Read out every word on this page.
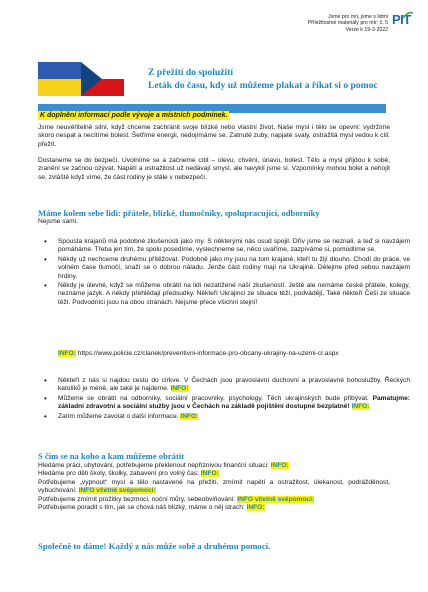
Jsme pro mír, jsme s lidmi
Příležitostné materiály pro mír: č. 5
Verze k 19-3-2022
PIT
Z přežití do spolužití
Leták do času, kdy už můžeme plakat a říkat si o pomoc
K doplnění informací podle vývoje a místních podmínek.
Jsme neuvěřitelně silní, když chceme zachránit svoje blízké nebo vlastní život. Naše mysl i tělo se opevní: vydržíme skoro nespat a necítíme bolest. Šetříme energii, nedojímáme se. Zatnuté zuby, napjaté svaly, ostražitá mysl vedou k cíli: přežít.
Dostaneme se do bezpečí. Uvolníme se a začneme cítit – úlevu, chvění, únavu, bolest. Tělo a mysl přijdou k sobě, zranění se začnou ozývat. Napětí a ostražitost už nedávají smysl, ale navyklí jsme si. Vzpomínky mohou bolet a nehojit se, zvláště když víme, že část rodiny je stále v nebezpečí.
Máme kolem sebe lidi: přátele, blízké, tlumočníky, spolupracující, odborníky
Nejsme sami.
• Spousta krajanů má podobné zkušenosti jako my. S některými nás osud spojil. Dřív jsme se neznali, a teď si navzájem pomáháme. Třeba jen tím, že spolu posedíme, vyslechneme se, něco uvaříme, zazpíváme si, pomodlíme se.
• Někdy už nechceme druhému přítěžovat. Podobně jako my jsou na tom krajané, kteří tu žijí dlouho. Chodí do práce, ve volném čase tlumočí, snaží se o dobrou náladu. Jenže část rodiny mají na Ukrajině. Dělejme před sebou navzájem hrdiny.
• Někdy je úlevné, když se můžeme obrátit na lidi nezatížené naší zkušeností. Ještě ale nemáme české přátele, kolegy, neznáme jazyk. A někdy přehlédají předsudky. Někteří Ukrajinci ze situace těží, podvádějí. Také někteří Češi ze situace těží. Podvodníci jsou na obou stranách. Nejsme přece všichni stejní!
INFO: https://www.policie.cz/clanek/preventivni-informace-pro-obcany-ukrajiny-na-uzemi-cr.aspx
• Někteří z nás si najdou cestu do církve. V Čechách jsou pravoslavní duchovní a pravoslavné bohoslužby. Řeckých katolíků je méně, ale také je najdeme. INFO:
• Můžeme se obrátit na odborníky, sociální pracovníky, psychology. Těch ukrajinských bude přibývat. Pamatujme: základní zdravotní a sociální služby jsou v Čechách na základě pojištění dostupné bezplatně! INFO:
• Zatím můžeme zavolat o další informace. INFO:
S čím se na koho a kam můžeme obrátit
Hledáme práci, ubytování, potřebujeme překlenout nepříznivou finanční situaci: INFO:
Hledáme pro děti školy, školky, zabavení pro volný čas: INFO:
Potřebujeme „vypnout“ mysl a tělo nastavené na přežití, zmírnit napětí a ostražitost, úlekanost, podrážděnost, vybuchování: INFO včetně svépomoci:
Potřebujeme zmírnit prožitky bezmoci, noční můry, sebeobviňování: INFO včetně svépomoci:
Potřebujeme poradit s tím, jak se chová náš blízký, máme o něj strach: INFO:
Společně to dáme! Každý z nás může sobě a druhému pomoci.
